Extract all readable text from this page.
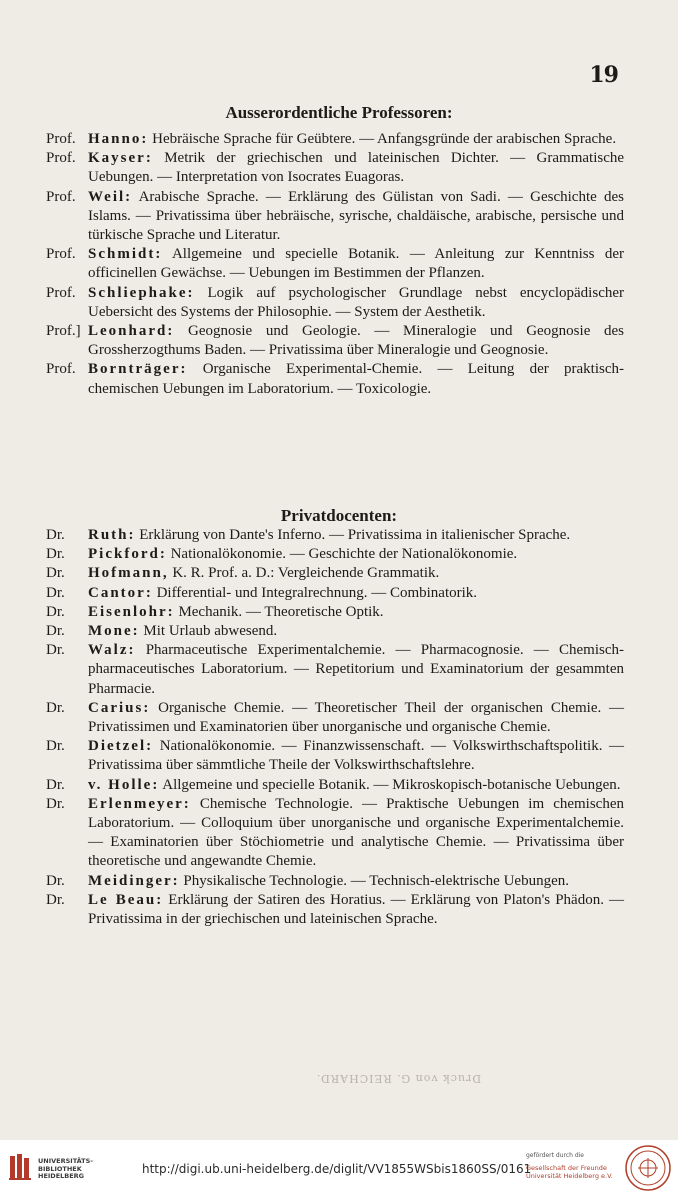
19
Ausserordentliche Professoren:

Prof. Hanno: Hebräische Sprache für Geübtere. — Anfangsgründe der arabischen Sprache.

Prof. Kayser: Metrik der griechischen und lateinischen Dichter. — Grammatische Uebungen. — Interpretation von Isocrates Euagoras.

Prof. Weil: Arabische Sprache. — Erklärung des Gülistan von Sadi. — Geschichte des Islams. — Privatissima über hebräische, syrische, chaldäische, arabische, persische und türkische Sprache und Literatur.

Prof. Schmidt: Allgemeine und specielle Botanik. — Anleitung zur Kenntniss der officinellen Gewächse. — Uebungen im Bestimmen der Pflanzen.

Prof. Schliephake: Logik auf psychologischer Grundlage nebst encyclopädischer Uebersicht des Systems der Philosophie. — System der Aesthetik.

Prof.] Leonhard: Geognosie und Geologie. — Mineralogie und Geognosie des Grossherzogthums Baden. — Privatissima über Mineralogie und Geognosie.

Prof. Bornträger: Organische Experimental-Chemie. — Leitung der praktisch-chemischen Uebungen im Laboratorium. — Toxicologie.

Privatdocenten:

Dr. Ruth: Erklärung von Dante's Inferno. — Privatissima in italienischer Sprache.

Dr. Pickford: Nationalökonomie. — Geschichte der Nationalökonomie.

Dr. Hofmann, K. R. Prof. a. D.: Vergleichende Grammatik.

Dr. Cantor: Differential- und Integralrechnung. — Combinatorik.

Dr. Eisenlohr: Mechanik. — Theoretische Optik.

Dr. Mone: Mit Urlaub abwesend.

Dr. Walz: Pharmaceutische Experimentalchemie. — Pharmacognosie. — Chemisch-pharmaceutisches Laboratorium. — Repetitorium und Examinatorium der gesammten Pharmacie.

Dr. Carius: Organische Chemie. — Theoretischer Theil der organischen Chemie. — Privatissimen und Examinatorien über unorganische und organische Chemie.

Dr. Dietzel: Nationalökonomie. — Finanzwissenschaft. — Volkswirthschaftspolitik. — Privatissima über sämmtliche Theile der Volkswirthschaftslehre.

Dr. v. Holle: Allgemeine und specielle Botanik. — Mikroskopisch-botanische Uebungen.

Dr. Erlenmeyer: Chemische Technologie. — Praktische Uebungen im chemischen Laboratorium. — Colloquium über unorganische und organische Experimentalchemie. — Examinatorien über Stöchiometrie und analytische Chemie. — Privatissima über theoretische und angewandte Chemie.

Dr. Meidinger: Physikalische Technologie. — Technisch-elektrische Uebungen.

Dr. Le Beau: Erklärung der Satiren des Horatius. — Erklärung von Platon's Phädon. — Privatissima in der griechischen und lateinischen Sprache.

Druck von G. REICHARD.
UNIVERSITÄTS- BIBLIOTHEK HEIDELBERG	http://digi.ub.uni-heidelberg.de/diglit/VV1855WSbis1860SS/0161
gefördert durch die
Gesellschaft der Freunde Universität Heidelberg e.V.
